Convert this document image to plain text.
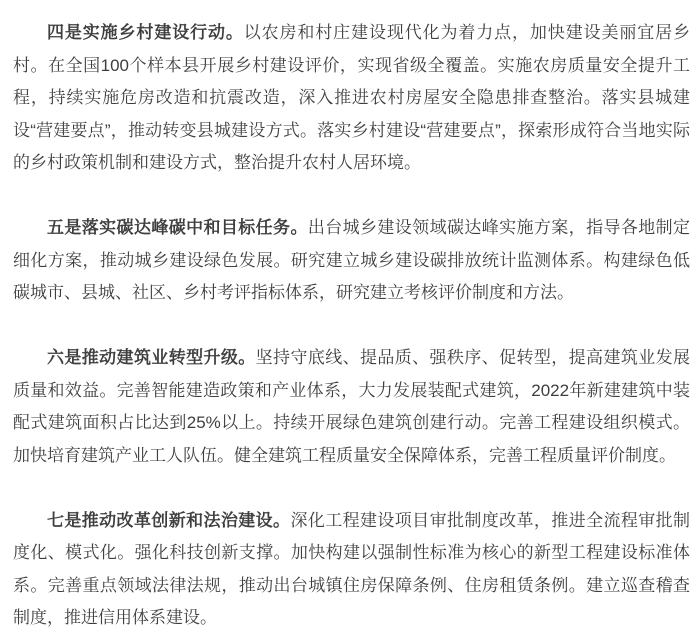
四是实施乡村建设行动。以农房和村庄建设现代化为着力点，加快建设美丽宜居乡村。在全国100个样本县开展乡村建设评价，实现省级全覆盖。实施农房质量安全提升工程，持续实施危房改造和抗震改造，深入推进农村房屋安全隐患排查整治。落实县城建设“营建要点”，推动转变县城建设方式。落实乡村建设“营建要点”，探索形成符合当地实际的乡村政策机制和建设方式，整治提升农村人居环境。

五是落实碳达峰碳中和目标任务。出台城乡建设领域碳达峰实施方案，指导各地制定细化方案，推动城乡建设绿色发展。研究建立城乡建设碳排放统计监测体系。构建绿色低碳城市、县城、社区、乡村考评指标体系，研究建立考核评价制度和方法。

六是推动建筑业转型升级。坚持守底线、提品质、强秩序、促转型，提高建筑业发展质量和效益。完善智能建造政策和产业体系，大力发展装配式建筑，2022年新建建筑中装配式建筑面积占比达到25%以上。持续开展绿色建筑创建行动。完善工程建设组织模式。加快培育建筑产业工人队伍。健全建筑工程质量安全保障体系，完善工程质量评价制度。

七是推动改革创新和法治建设。深化工程建设项目审批制度改革，推进全流程审批制度化、模式化。强化科技创新支撑。加快构建以强制性标准为核心的新型工程建设标准体系。完善重点领域法律法规，推动出台城镇住房保障条例、住房租赁条例。建立巡查稽查制度，推进信用体系建设。
